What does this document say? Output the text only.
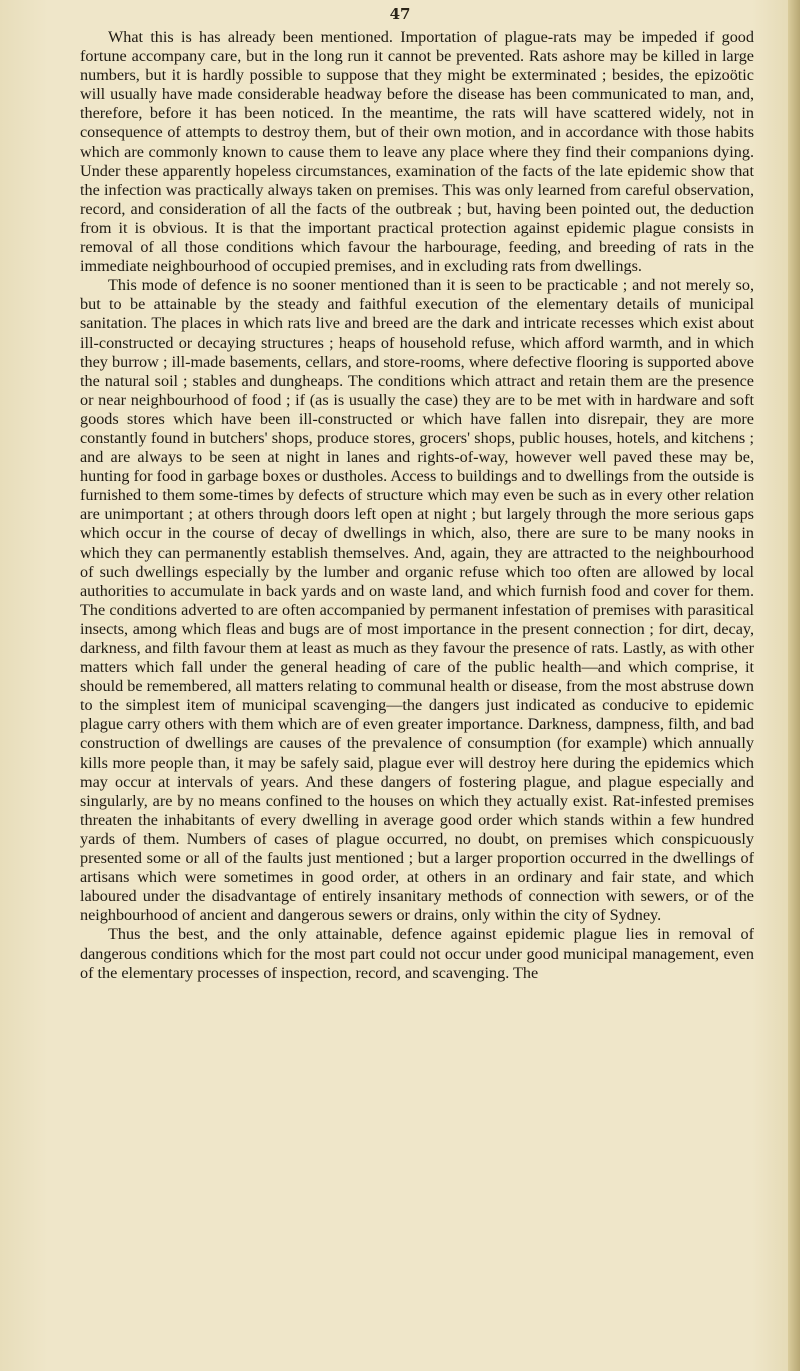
47

What this is has already been mentioned. Importation of plague-rats may be impeded if good fortune accompany care, but in the long run it cannot be prevented. Rats ashore may be killed in large numbers, but it is hardly possible to suppose that they might be exterminated ; besides, the epizoötic will usually have made considerable headway before the disease has been communicated to man, and, therefore, before it has been noticed. In the meantime, the rats will have scattered widely, not in consequence of attempts to destroy them, but of their own motion, and in accordance with those habits which are commonly known to cause them to leave any place where they find their companions dying. Under these apparently hopeless circumstances, examination of the facts of the late epidemic show that the infection was practically always taken on premises. This was only learned from careful observation, record, and consideration of all the facts of the outbreak ; but, having been pointed out, the deduction from it is obvious. It is that the important practical protection against epidemic plague consists in removal of all those conditions which favour the harbourage, feeding, and breeding of rats in the immediate neighbourhood of occupied premises, and in excluding rats from dwellings.

This mode of defence is no sooner mentioned than it is seen to be practicable ; and not merely so, but to be attainable by the steady and faithful execution of the elementary details of municipal sanitation. The places in which rats live and breed are the dark and intricate recesses which exist about ill-constructed or decaying structures ; heaps of household refuse, which afford warmth, and in which they burrow ; ill-made basements, cellars, and store-rooms, where defective flooring is supported above the natural soil ; stables and dungheaps. The conditions which attract and retain them are the presence or near neighbourhood of food ; if (as is usually the case) they are to be met with in hardware and soft goods stores which have been ill-constructed or which have fallen into disrepair, they are more constantly found in butchers' shops, produce stores, grocers' shops, public houses, hotels, and kitchens ; and are always to be seen at night in lanes and rights-of-way, however well paved these may be, hunting for food in garbage boxes or dustholes. Access to buildings and to dwellings from the outside is furnished to them some-times by defects of structure which may even be such as in every other relation are unimportant ; at others through doors left open at night ; but largely through the more serious gaps which occur in the course of decay of dwellings in which, also, there are sure to be many nooks in which they can permanently establish themselves. And, again, they are attracted to the neighbourhood of such dwellings especially by the lumber and organic refuse which too often are allowed by local authorities to accumulate in back yards and on waste land, and which furnish food and cover for them. The conditions adverted to are often accompanied by permanent infestation of premises with parasitical insects, among which fleas and bugs are of most importance in the present connection ; for dirt, decay, darkness, and filth favour them at least as much as they favour the presence of rats. Lastly, as with other matters which fall under the general heading of care of the public health—and which comprise, it should be remembered, all matters relating to communal health or disease, from the most abstruse down to the simplest item of municipal scavenging—the dangers just indicated as conducive to epidemic plague carry others with them which are of even greater importance. Darkness, dampness, filth, and bad construction of dwellings are causes of the prevalence of consumption (for example) which annually kills more people than, it may be safely said, plague ever will destroy here during the epidemics which may occur at intervals of years. And these dangers of fostering plague, and plague especially and singularly, are by no means confined to the houses on which they actually exist. Rat-infested premises threaten the inhabitants of every dwelling in average good order which stands within a few hundred yards of them. Numbers of cases of plague occurred, no doubt, on premises which conspicuously presented some or all of the faults just mentioned ; but a larger proportion occurred in the dwellings of artisans which were sometimes in good order, at others in an ordinary and fair state, and which laboured under the disadvantage of entirely insanitary methods of connection with sewers, or of the neighbourhood of ancient and dangerous sewers or drains, only within the city of Sydney.

Thus the best, and the only attainable, defence against epidemic plague lies in removal of dangerous conditions which for the most part could not occur under good municipal management, even of the elementary processes of inspection, record, and scavenging. The
